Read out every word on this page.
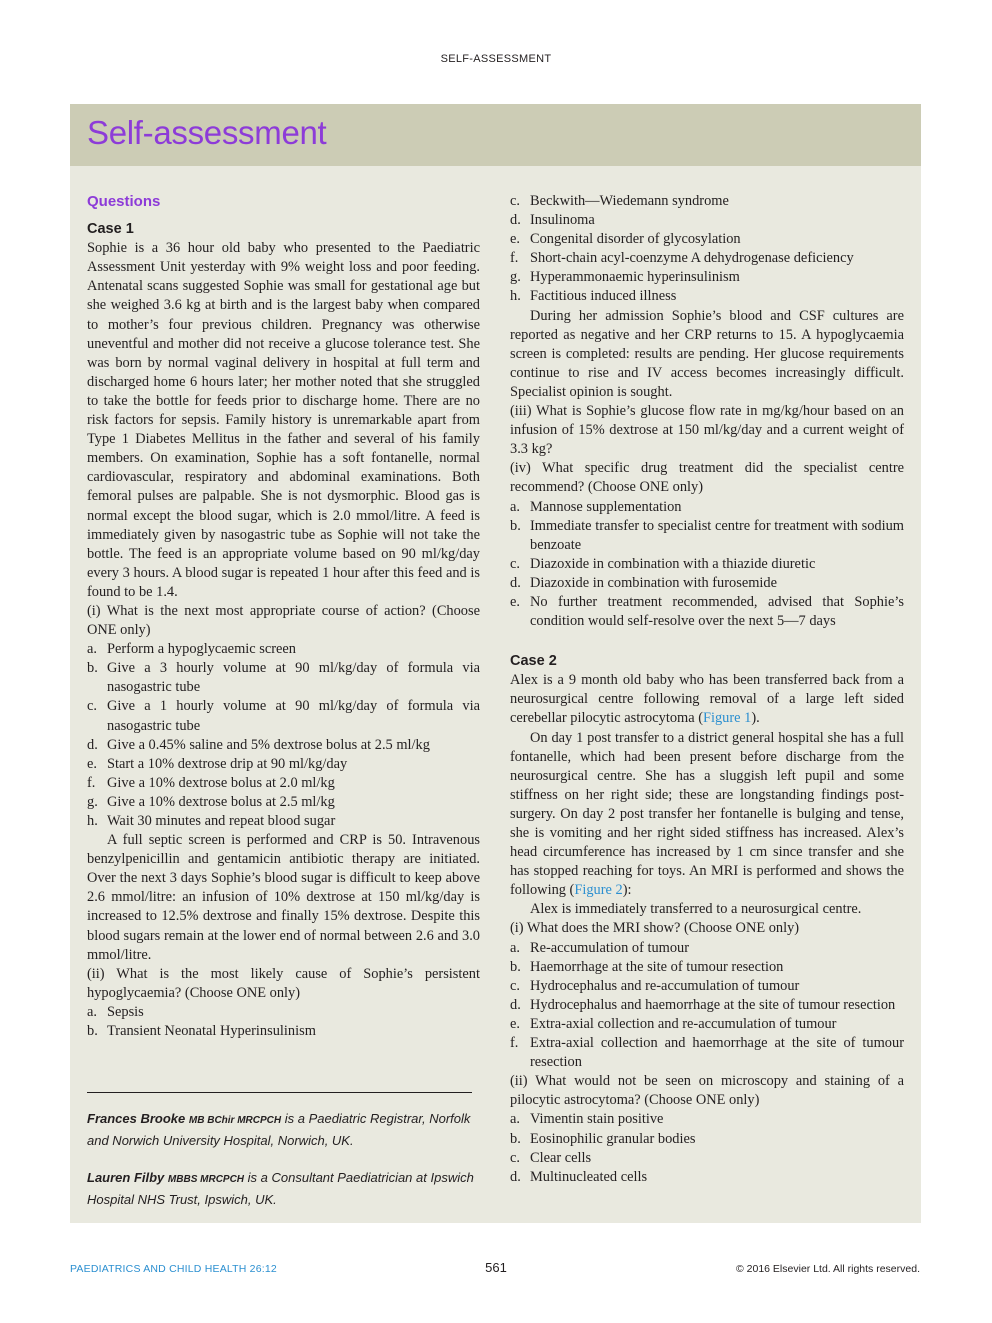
SELF-ASSESSMENT
Self-assessment
Questions
Case 1

Sophie is a 36 hour old baby who presented to the Paediatric Assessment Unit yesterday with 9% weight loss and poor feeding. Antenatal scans suggested Sophie was small for gestational age but she weighed 3.6 kg at birth and is the largest baby when compared to mother’s four previous children. Pregnancy was otherwise uneventful and mother did not receive a glucose tolerance test. She was born by normal vaginal delivery in hospital at full term and discharged home 6 hours later; her mother noted that she struggled to take the bottle for feeds prior to discharge home. There are no risk factors for sepsis. Family history is unremarkable apart from Type 1 Diabetes Mellitus in the father and several of his family members. On examination, Sophie has a soft fontanelle, normal cardiovascular, respiratory and abdominal examinations. Both femoral pulses are palpable. She is not dysmorphic. Blood gas is normal except the blood sugar, which is 2.0 mmol/litre. A feed is immediately given by nasogastric tube as Sophie will not take the bottle. The feed is an appropriate volume based on 90 ml/kg/day every 3 hours. A blood sugar is repeated 1 hour after this feed and is found to be 1.4.

(i) What is the next most appropriate course of action? (Choose ONE only)

a. Perform a hypoglycaemic screen
b. Give a 3 hourly volume at 90 ml/kg/day of formula via nasogastric tube
c. Give a 1 hourly volume at 90 ml/kg/day of formula via nasogastric tube
d. Give a 0.45% saline and 5% dextrose bolus at 2.5 ml/kg
e. Start a 10% dextrose drip at 90 ml/kg/day
f. Give a 10% dextrose bolus at 2.0 ml/kg
g. Give a 10% dextrose bolus at 2.5 ml/kg
h. Wait 30 minutes and repeat blood sugar

A full septic screen is performed and CRP is 50. Intravenous benzylpenicillin and gentamicin antibiotic therapy are initiated. Over the next 3 days Sophie’s blood sugar is difficult to keep above 2.6 mmol/litre: an infusion of 10% dextrose at 150 ml/kg/day is increased to 12.5% dextrose and finally 15% dextrose. Despite this blood sugars remain at the lower end of normal between 2.6 and 3.0 mmol/litre.

(ii) What is the most likely cause of Sophie’s persistent hypoglycaemia? (Choose ONE only)

a. Sepsis
b. Transient Neonatal Hyperinsulinism
Frances Brooke MB BChir MRCPCH is a Paediatric Registrar, Norfolk and Norwich University Hospital, Norwich, UK.
Lauren Filby MBBS MRCPCH is a Consultant Paediatrician at Ipswich Hospital NHS Trust, Ipswich, UK.
c. Beckwith—Wiedemann syndrome
d. Insulinoma
e. Congenital disorder of glycosylation
f. Short-chain acyl-coenzyme A dehydrogenase deficiency
g. Hyperammonaemic hyperinsulinism
h. Factitious induced illness

During her admission Sophie’s blood and CSF cultures are reported as negative and her CRP returns to 15. A hypoglycaemia screen is completed: results are pending. Her glucose requirements continue to rise and IV access becomes increasingly difficult. Specialist opinion is sought.

(iii) What is Sophie’s glucose flow rate in mg/kg/hour based on an infusion of 15% dextrose at 150 ml/kg/day and a current weight of 3.3 kg?

(iv) What specific drug treatment did the specialist centre recommend? (Choose ONE only)

a. Mannose supplementation
b. Immediate transfer to specialist centre for treatment with sodium benzoate
c. Diazoxide in combination with a thiazide diuretic
d. Diazoxide in combination with furosemide
e. No further treatment recommended, advised that Sophie’s condition would self-resolve over the next 5—7 days
Case 2

Alex is a 9 month old baby who has been transferred back from a neurosurgical centre following removal of a large left sided cerebellar pilocytic astrocytoma (Figure 1).

On day 1 post transfer to a district general hospital she has a full fontanelle, which had been present before discharge from the neurosurgical centre. She has a sluggish left pupil and some stiffness on her right side; these are longstanding findings post-surgery. On day 2 post transfer her fontanelle is bulging and tense, she is vomiting and her right sided stiffness has increased. Alex’s head circumference has increased by 1 cm since transfer and she has stopped reaching for toys. An MRI is performed and shows the following (Figure 2):

Alex is immediately transferred to a neurosurgical centre.

(i) What does the MRI show? (Choose ONE only)

a. Re-accumulation of tumour
b. Haemorrhage at the site of tumour resection
c. Hydrocephalus and re-accumulation of tumour
d. Hydrocephalus and haemorrhage at the site of tumour resection
e. Extra-axial collection and re-accumulation of tumour
f. Extra-axial collection and haemorrhage at the site of tumour resection

(ii) What would not be seen on microscopy and staining of a pilocytic astrocytoma? (Choose ONE only)

a. Vimentin stain positive
b. Eosinophilic granular bodies
c. Clear cells
d. Multinucleated cells
PAEDIATRICS AND CHILD HEALTH 26:12	561	© 2016 Elsevier Ltd. All rights reserved.
